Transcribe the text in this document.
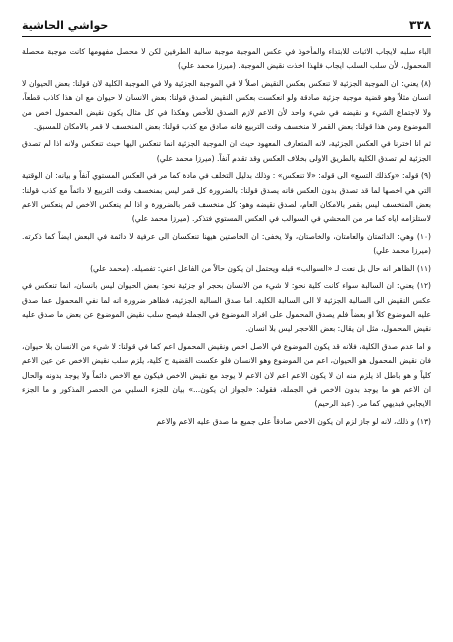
٣٣٨
حواشي الحاشية

الباء سلبه لايجاب الاثبات للابتداء والمأخوذ في عكس الموجبة موجبة سالبة الطرفين لكن لا محصل مفهومها كانت موجبة محصلة المحمول، لأن سلب السلب ايجاب فلهذا اخذت نقيض الموجبة. (ميرزا محمد علي)

(٨) يعني: ان الموجبة الجزئية لا تنعكس بعكس النقيض اصلاً لا في الموجبة الجزئية ولا في الموجبة الكلية لان قولنا: بعض الحيوان لا انسان مثلاً وهو قضية موجبة جزئية صادقة ولو انعكست بعكس النقيض لصدق قولنا: بعض الانسان لا حيوان مع ان هذا كاذب قطعاً، ولا لاجتماع الشيء و نقيضه في شيء واحد لأن الاعم لازم الصدق للأخص وهكذا في كل مثال يكون نقيض المحمول اخص من الموضوع ومن هذا قولنا: بعض القمر لا منخسف وقت التربيع فانه صادق مع كذب قولنا: بعض المنخسف لا قمر بالامكان للمسبق.

ثم انا اخترنا في العكس الجزئية، لانه المتعارف المعهود حيث ان الموجبة الجزئية انما تنعكس اليها حيث تنعكس ولانه اذا لم تصدق الجزئية لم تصدق الكلية بالطريق الاولى بخلاف العكس وقد تقدم آنفاً. (ميرزا محمد علي)

(٩) قوله: «وكذلك التسع» الى قوله: «لا تنعكس» : وذلك بدليل التخلف في مادة كما مر في العكس المستوي آنفاً و بيانه: ان الوقتية التي هي اخصها لما قد تصدق بدون العكس فانه يصدق قولنا: بالضرورة كل قمر ليس بمنخسف وقت التربيع لا دائماً مع كذب قولنا: بعض المنخسف ليس بقمر بالامكان العام، لصدق نقيضه وهو: كل منخسف قمر بالضرورة و اذا لم ينعكس الاخص لم ينعكس الاعم لاستلزامه اياه كما مر من المحشي في السوالب في العكس المستوي فتذكر. (ميرزا محمد علي)

(١٠) وهي: الدائمتان والعامتان، والخاصتان، ولا يخفى: ان الخاصتين هيهنا تنعكسان الى عرفية لا دائمة في البعض ايضاً كما ذكرته. (ميرزا محمد علي)

(١١) الظاهر انه حال بل نعت لـ «السوالب» قبله ويحتمل ان يكون حالاً من الفاعل اعني: تفصيله. (محمد علي)

(١٢) يعني: ان السالبة سواء كانت كلية نحو: لا شيء من الانسان بحجر او جزئية نحو: بعض الحيوان ليس بانسان، انما تنعكس في عكس النقيض الى السالبة الجزئية لا الى السالبة الكلية. اما صدق السالبة الجزئية، فظاهر ضرورة انه لما نفي المحمول عما صدق عليه الموضوع كلاً او بعضاً فلم يصدق المحمول على افراد الموضوع في الجملة فيصح سلب نقيض الموضوع عن بعض ما صدق عليه نقيض المحمول، مثل ان يقال: بعض اللاحجر ليس بلا انسان.

و اما عدم صدق الكلية، فلانه قد يكون الموضوع في الاصل اخص ونقيض المحمول اعم كما في قولنا: لا شيء من الانسان بلا حيوان، فان نقيض المحمول هو الحيوان، اعم من الموضوع وهو الانسان فلو عكست القضية ح كلية، يلزم سلب نقيض الاخص عن عين الاعم كلياً و هو باطل اذ يلزم منه ان لا يكون الاعم اعم لان الاعم لا يوجد مع نقيض الاخص فيكون مع الاخص دائماً ولا يوجد بدونه والحال ان الاعم هو ما يوجد بدون الاخص في الجملة، فقوله: «لجواز ان يكون...» بيان للجزء السلبي من الحصر المذكور و ما الجزء الايجابي فبديهي كما مر. (عبد الرحيم)

(١٣) و ذلك، لانه لو جاز لزم ان يكون الاخص صادقاً على جميع ما صدق عليه الاعم والاعم
